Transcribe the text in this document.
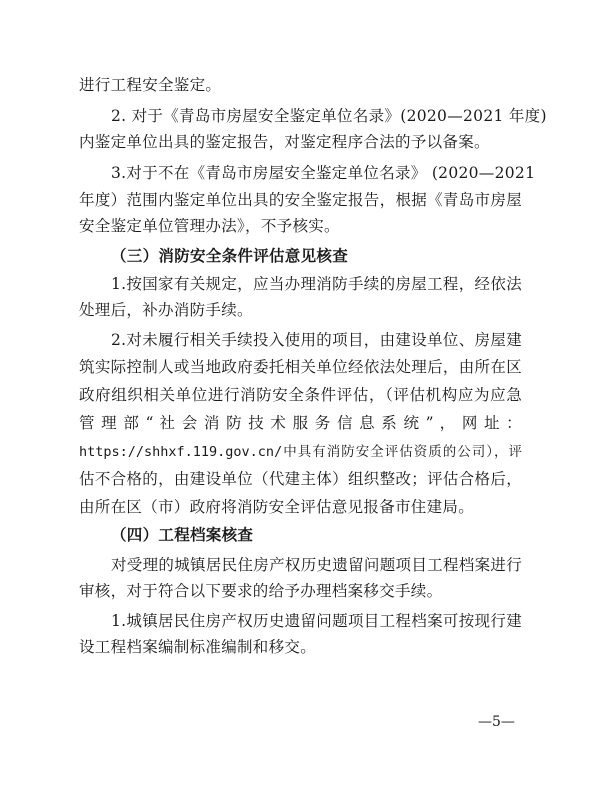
进行工程安全鉴定。
2. 对于《青岛市房屋安全鉴定单位名录》(2020—2021 年度)
内鉴定单位出具的鉴定报告，对鉴定程序合法的予以备案。
3.对于不在《青岛市房屋安全鉴定单位名录》 (2020—2021
年度）范围内鉴定单位出具的安全鉴定报告，根据《青岛市房屋
安全鉴定单位管理办法》，不予核实。
（三）消防安全条件评估意见核查
1.按国家有关规定，应当办理消防手续的房屋工程，经依法
处理后，补办消防手续。
2.对未履行相关手续投入使用的项目，由建设单位、房屋建
筑实际控制人或当地政府委托相关单位经依法处理后，由所在区
政府组织相关单位进行消防安全条件评估，（评估机构应为应急
管 理 部 “ 社 会 消 防 技 术 服 务 信 息 系 统 ” ， 网 址 ：
https://shhxf.119.gov.cn/中具有消防安全评估资质的公司），评
估不合格的，由建设单位（代建主体）组织整改；评估合格后，
由所在区（市）政府将消防安全评估意见报备市住建局。
（四）工程档案核查
对受理的城镇居民住房产权历史遗留问题项目工程档案进行
审核，对于符合以下要求的给予办理档案移交手续。
1.城镇居民住房产权历史遗留问题项目工程档案可按现行建
设工程档案编制标准编制和移交。
—5—
